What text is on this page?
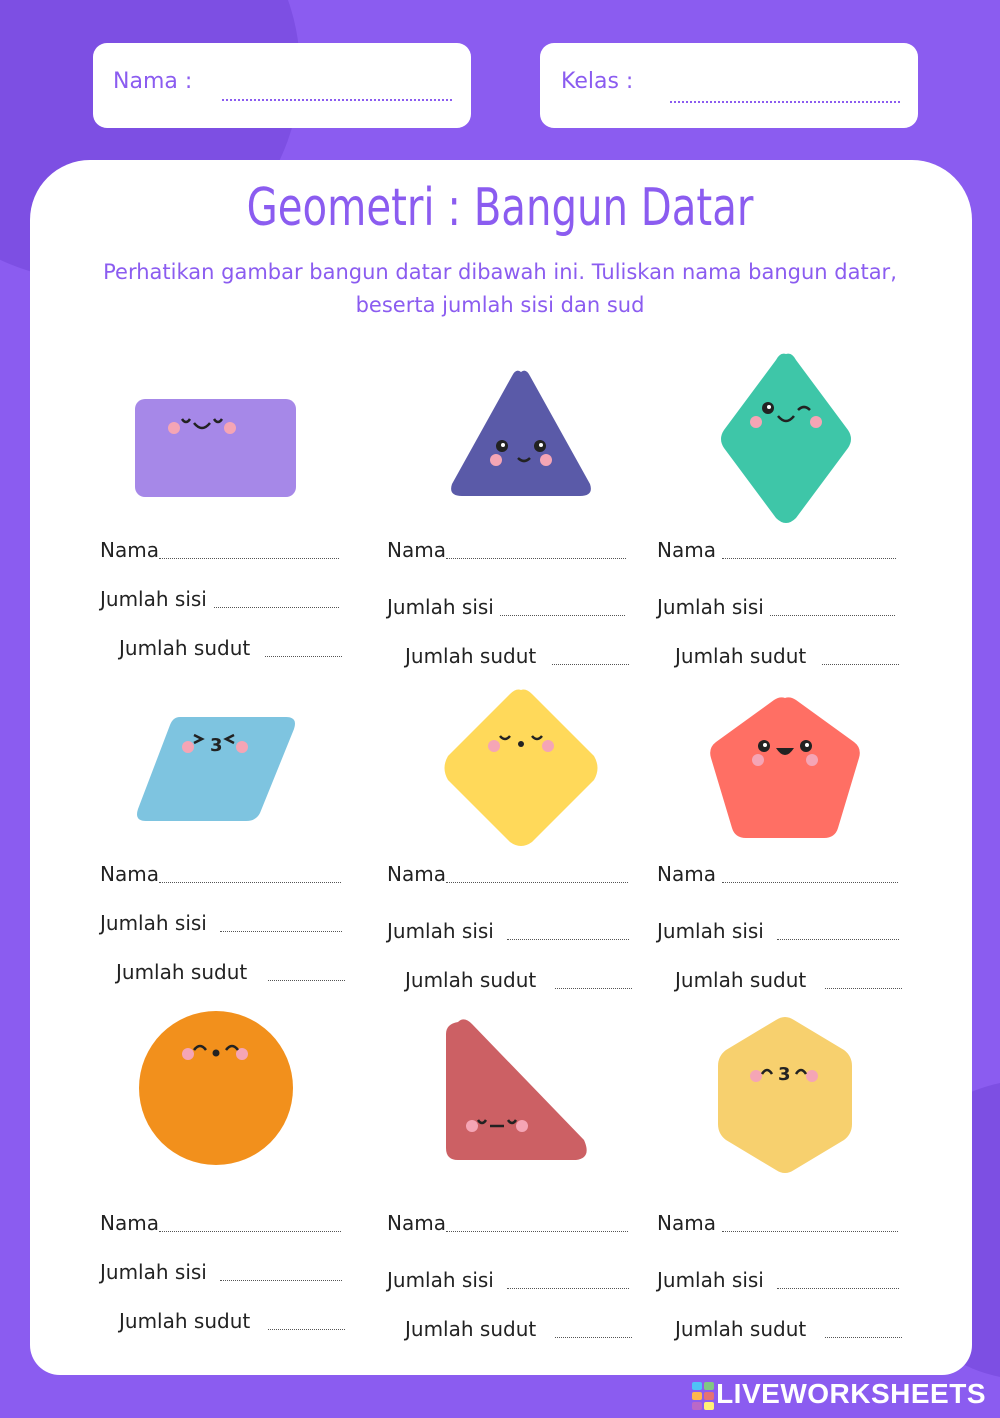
Nama :	Kelas :
Geometri : Bangun Datar
Perhatikan gambar bangun datar dibawah ini. Tuliskan nama bangun datar, beserta jumlah sisi dan sud
3
3
Nama
Jumlah sisi
Jumlah sudut
Nama
Jumlah sisi
Jumlah sudut
Nama
Jumlah sisi
Jumlah sudut
Nama
Jumlah sisi
Jumlah sudut
Nama
Jumlah sisi
Jumlah sudut
Nama
Jumlah sisi
Jumlah sudut
Nama
Jumlah sisi
Jumlah sudut
Nama
Jumlah sisi
Jumlah sudut
Nama
Jumlah sisi
Jumlah sudut
LIVEWORKSHEETS
